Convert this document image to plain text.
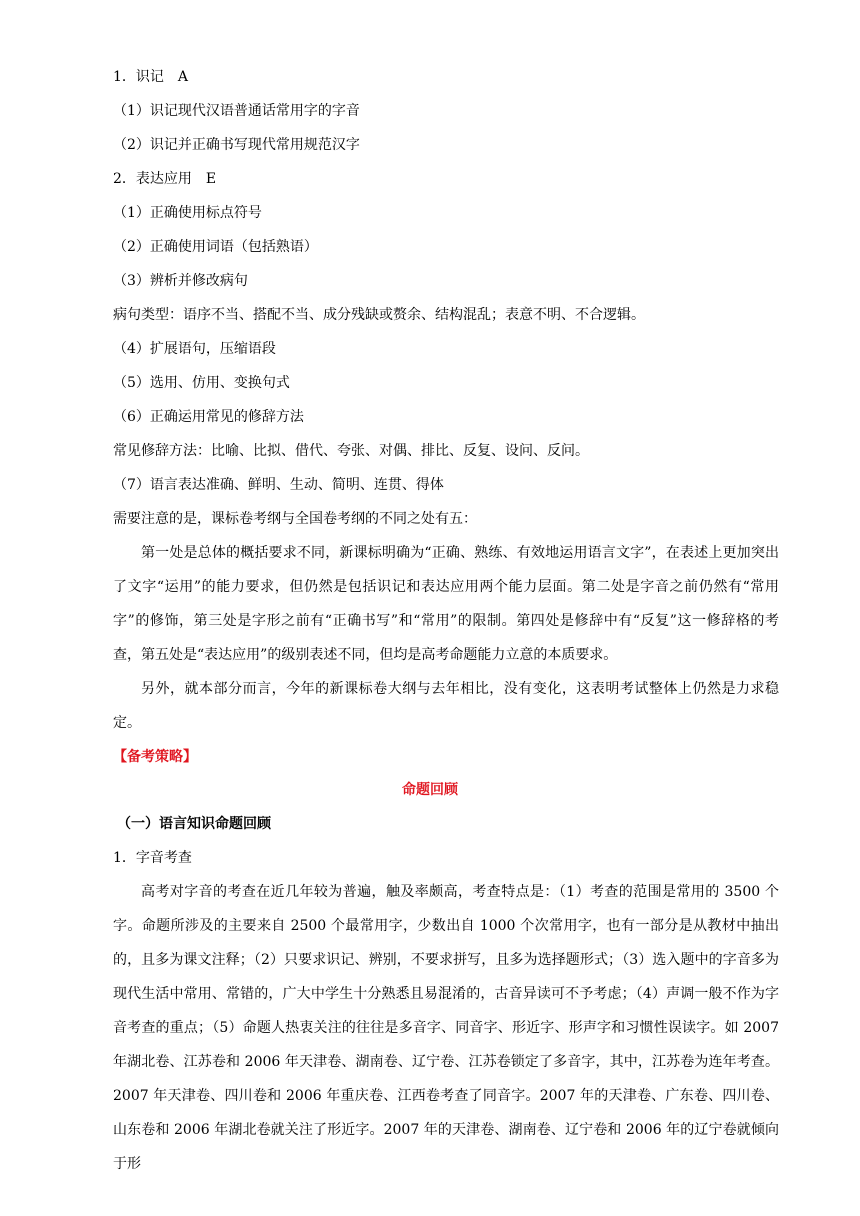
1．识记　A
（1）识记现代汉语普通话常用字的字音
（2）识记并正确书写现代常用规范汉字
2．表达应用　E
（1）正确使用标点符号
（2）正确使用词语（包括熟语）
（3）辨析并修改病句
病句类型：语序不当、搭配不当、成分残缺或赘余、结构混乱；表意不明、不合逻辑。
（4）扩展语句，压缩语段
（5）选用、仿用、变换句式
（6）正确运用常见的修辞方法
常见修辞方法：比喻、比拟、借代、夸张、对偶、排比、反复、设问、反问。
（7）语言表达准确、鲜明、生动、简明、连贯、得体
需要注意的是，课标卷考纲与全国卷考纲的不同之处有五：
第一处是总体的概括要求不同，新课标明确为“正确、熟练、有效地运用语言文字”，在表述上更加突出了文字“运用”的能力要求，但仍然是包括识记和表达应用两个能力层面。第二处是字音之前仍然有“常用字”的修饰，第三处是字形之前有“正确书写”和“常用”的限制。第四处是修辞中有“反复”这一修辞格的考查，第五处是“表达应用”的级别表述不同，但均是高考命题能力立意的本质要求。
另外，就本部分而言，今年的新课标卷大纲与去年相比，没有变化，这表明考试整体上仍然是力求稳定。
【备考策略】
命题回顾
（一）语言知识命题回顾
1．字音考查
高考对字音的考查在近几年较为普遍，触及率颇高，考查特点是：（1）考查的范围是常用的 3500 个字。命题所涉及的主要来自 2500 个最常用字，少数出自 1000 个次常用字，也有一部分是从教材中抽出的，且多为课文注释；（2）只要求识记、辨别，不要求拼写，且多为选择题形式；（3）选入题中的字音多为现代生活中常用、常错的，广大中学生十分熟悉且易混淆的，古音异读可不予考虑；（4）声调一般不作为字音考查的重点；（5）命题人热衷关注的往往是多音字、同音字、形近字、形声字和习惯性误读字。如 2007 年湖北卷、江苏卷和 2006 年天津卷、湖南卷、辽宁卷、江苏卷锁定了多音字，其中，江苏卷为连年考查。2007 年天津卷、四川卷和 2006 年重庆卷、江西卷考查了同音字。2007 年的天津卷、广东卷、四川卷、山东卷和 2006 年湖北卷就关注了形近字。2007 年的天津卷、湖南卷、辽宁卷和 2006 年的辽宁卷就倾向于形
